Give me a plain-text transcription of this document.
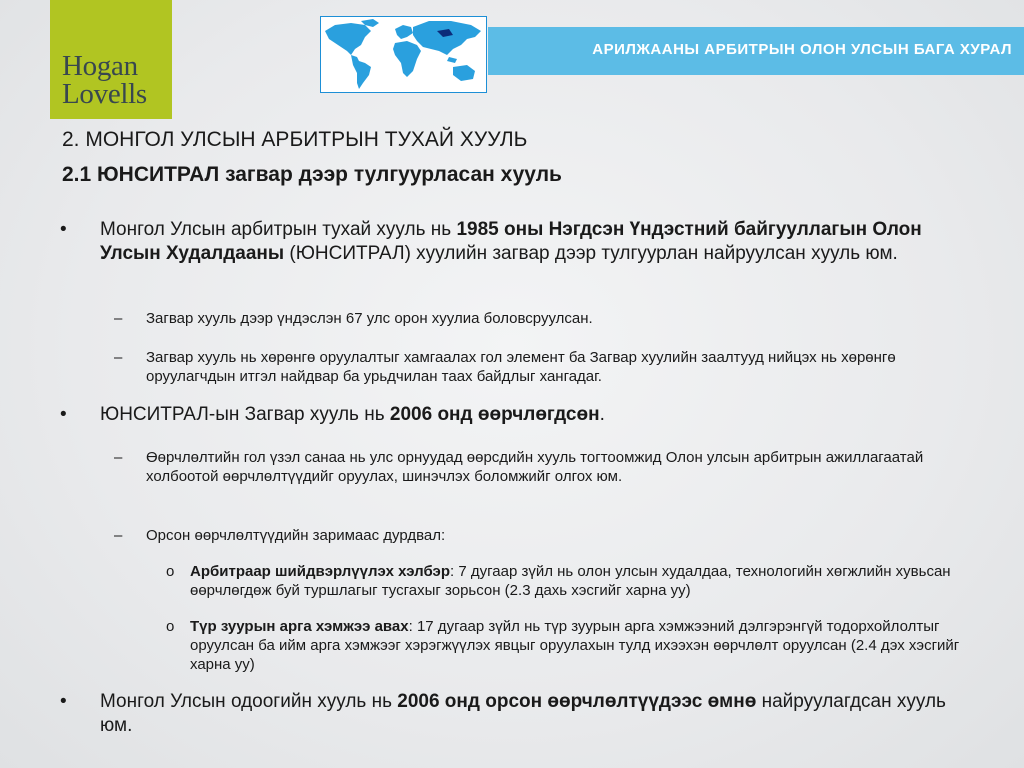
Hogan
Lovells
АРИЛЖААНЫ АРБИТРЫН ОЛОН УЛСЫН БАГА ХУРАЛ
2. МОНГОЛ УЛСЫН АРБИТРЫН ТУХАЙ ХУУЛЬ
2.1 ЮНСИТРАЛ загвар дээр тулгуурласан хууль
• Монгол Улсын арбитрын тухай хууль нь 1985 оны Нэгдсэн Үндэстний байгууллагын Олон Улсын Худалдааны (ЮНСИТРАЛ) хуулийн загвар дээр тулгуурлан найруулсан хууль юм.
– Загвар хууль дээр үндэслэн 67 улс орон хуулиа боловсруулсан.
– Загвар хууль нь хөрөнгө оруулалтыг хамгаалах гол элемент ба Загвар хуулийн заалтууд нийцэх нь хөрөнгө оруулагчдын итгэл найдвар ба урьдчилан таах байдлыг хангадаг.
• ЮНСИТРАЛ-ын Загвар хууль нь 2006 онд өөрчлөгдсөн.
– Өөрчлөлтийн гол үзэл санаа нь улс орнуудад өөрсдийн хууль тогтоомжид Олон улсын арбитрын ажиллагаатай холбоотой өөрчлөлтүүдийг оруулах, шинэчлэх боломжийг олгох юм.
– Орсон өөрчлөлтүүдийн заримаас дурдвал:
o Арбитраар шийдвэрлүүлэх хэлбэр: 7 дугаар зүйл нь олон улсын худалдаа, технологийн хөгжлийн хувьсан өөрчлөгдөж буй туршлагыг тусгахыг зорьсон (2.3 дахь хэсгийг харна уу)
o Түр зуурын арга хэмжээ авах: 17 дугаар зүйл нь түр зуурын арга хэмжээний дэлгэрэнгүй тодорхойлолтыг оруулсан ба ийм арга хэмжээг хэрэгжүүлэх явцыг оруулахын тулд ихээхэн өөрчлөлт оруулсан (2.4 дэх хэсгийг харна уу)
• Монгол Улсын одоогийн хууль нь 2006 онд орсон өөрчлөлтүүдээс өмнө найруулагдсан хууль юм.
